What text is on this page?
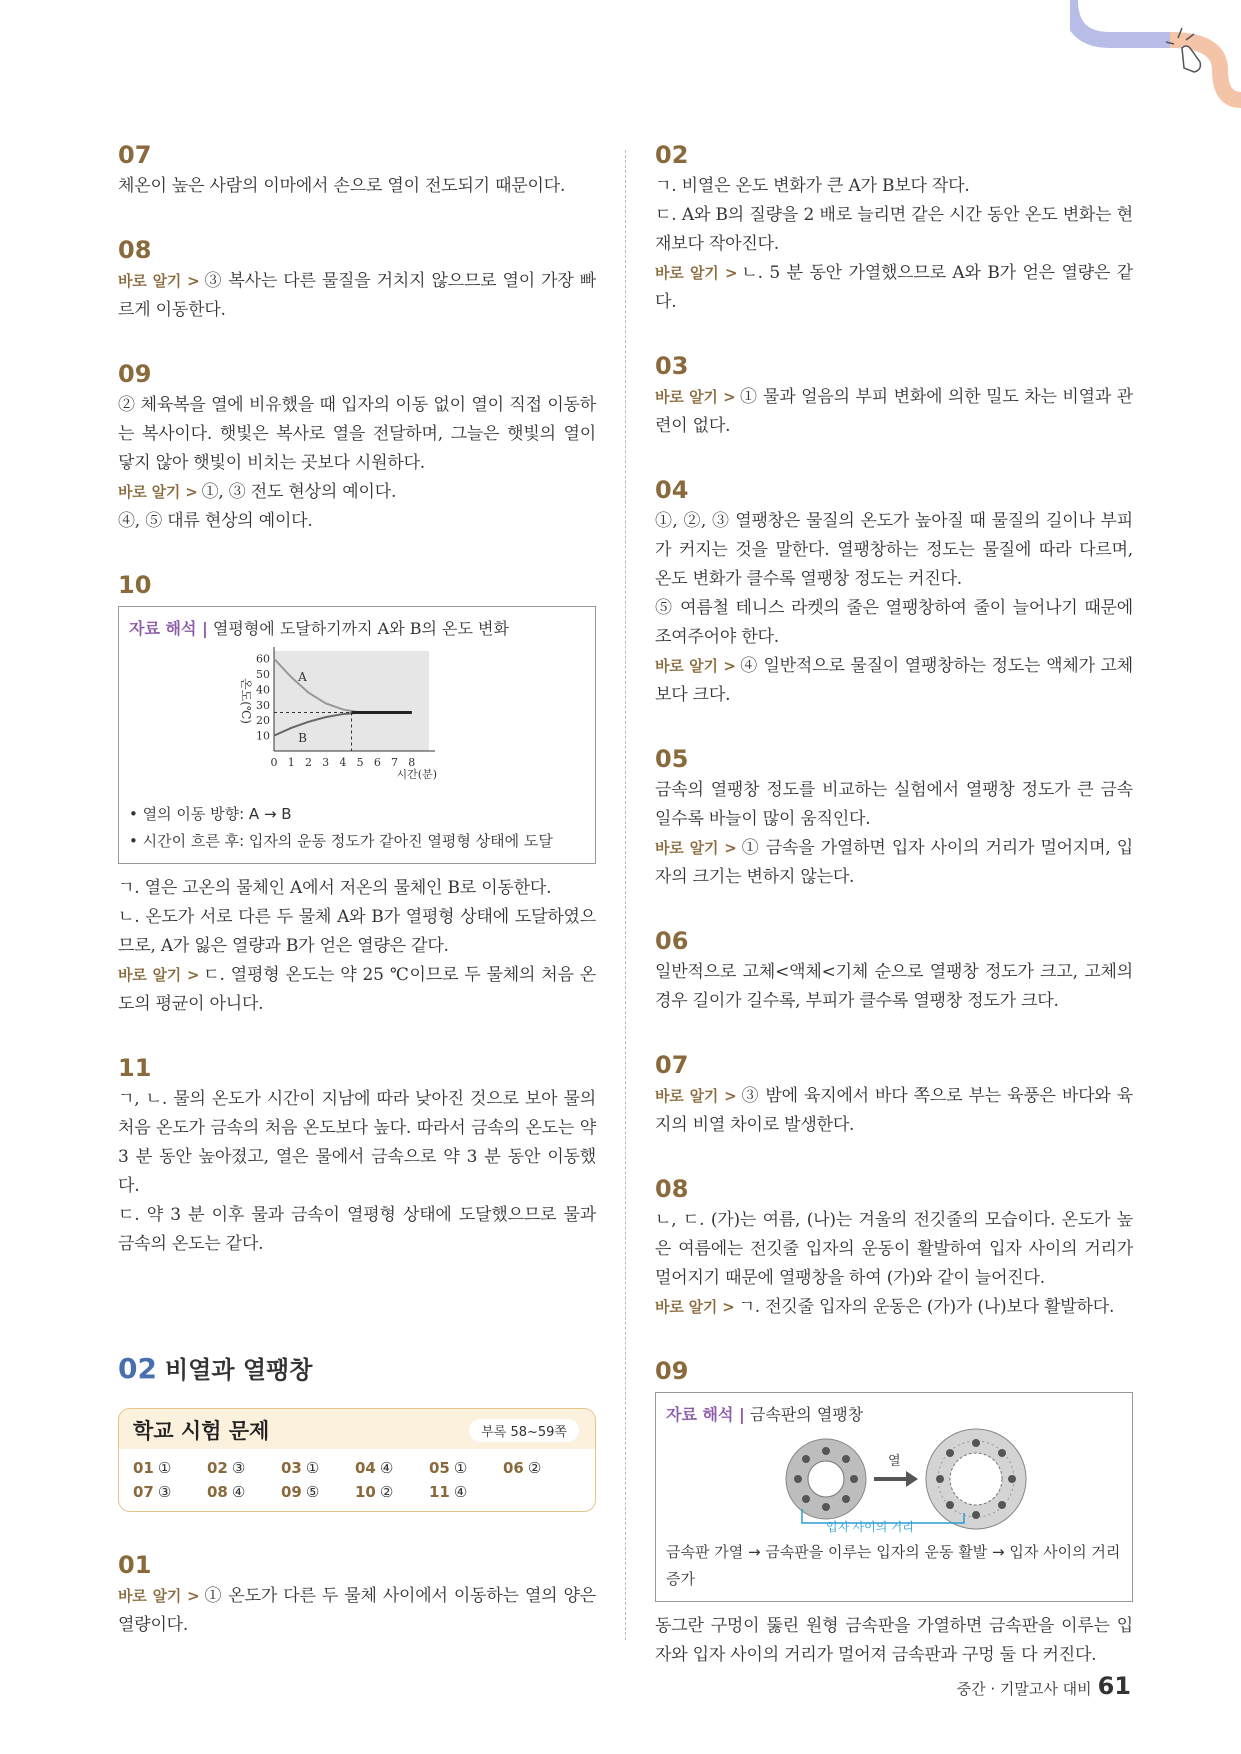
07

체온이 높은 사람의 이마에서 손으로 열이 전도되기 때문이다.

08

바로 알기 > ③ 복사는 다른 물질을 거치지 않으므로 열이 가장 빠르게 이동한다.

09

② 체육복을 열에 비유했을 때 입자의 이동 없이 열이 직접 이동하는 복사이다. 햇빛은 복사로 열을 전달하며, 그늘은 햇빛의 열이 닿지 않아 햇빛이 비치는 곳보다 시원하다.

바로 알기 > ①, ③ 전도 현상의 예이다.

④, ⑤ 대류 현상의 예이다.

10
자료 해석 | 열평형에 도달하기까지 A와 B의 온도 변화
0 1 2 3 4 5 6 7 8
10
20
30
40
50
60
온도(℃)
시간(분)
A
B
• 열의 이동 방향: A → B
• 시간이 흐른 후: 입자의 운동 정도가 같아진 열평형 상태에 도달

ㄱ. 열은 고온의 물체인 A에서 저온의 물체인 B로 이동한다.

ㄴ. 온도가 서로 다른 두 물체 A와 B가 열평형 상태에 도달하였으므로, A가 잃은 열량과 B가 얻은 열량은 같다.

바로 알기 > ㄷ. 열평형 온도는 약 25 ℃이므로 두 물체의 처음 온도의 평균이 아니다.

11

ㄱ, ㄴ. 물의 온도가 시간이 지남에 따라 낮아진 것으로 보아 물의 처음 온도가 금속의 처음 온도보다 높다. 따라서 금속의 온도는 약 3 분 동안 높아졌고, 열은 물에서 금속으로 약 3 분 동안 이동했다.

ㄷ. 약 3 분 이후 물과 금속이 열평형 상태에 도달했으므로 물과 금속의 온도는 같다.

02 비열과 열팽창
학교 시험 문제	부록 58~59쪽
01 ①	02 ③	03 ①	04 ④	05 ①	06 ②
07 ③	08 ④	09 ⑤	10 ②	11 ④
01

바로 알기 > ① 온도가 다른 두 물체 사이에서 이동하는 열의 양은 열량이다.

02

ㄱ. 비열은 온도 변화가 큰 A가 B보다 작다.

ㄷ. A와 B의 질량을 2 배로 늘리면 같은 시간 동안 온도 변화는 현재보다 작아진다.

바로 알기 > ㄴ. 5 분 동안 가열했으므로 A와 B가 얻은 열량은 같다.

03

바로 알기 > ① 물과 얼음의 부피 변화에 의한 밀도 차는 비열과 관련이 없다.

04

①, ②, ③ 열팽창은 물질의 온도가 높아질 때 물질의 길이나 부피가 커지는 것을 말한다. 열팽창하는 정도는 물질에 따라 다르며, 온도 변화가 클수록 열팽창 정도는 커진다.

⑤ 여름철 테니스 라켓의 줄은 열팽창하여 줄이 늘어나기 때문에 조여주어야 한다.

바로 알기 > ④ 일반적으로 물질이 열팽창하는 정도는 액체가 고체보다 크다.

05

금속의 열팽창 정도를 비교하는 실험에서 열팽창 정도가 큰 금속일수록 바늘이 많이 움직인다.

바로 알기 > ① 금속을 가열하면 입자 사이의 거리가 멀어지며, 입자의 크기는 변하지 않는다.

06

일반적으로 고체<액체<기체 순으로 열팽창 정도가 크고, 고체의 경우 길이가 길수록, 부피가 클수록 열팽창 정도가 크다.

07

바로 알기 > ③ 밤에 육지에서 바다 쪽으로 부는 육풍은 바다와 육지의 비열 차이로 발생한다.

08

ㄴ, ㄷ. (가)는 여름, (나)는 겨울의 전깃줄의 모습이다. 온도가 높은 여름에는 전깃줄 입자의 운동이 활발하여 입자 사이의 거리가 멀어지기 때문에 열팽창을 하여 (가)와 같이 늘어진다.

바로 알기 > ㄱ. 전깃줄 입자의 운동은 (가)가 (나)보다 활발하다.

09
자료 해석 | 금속판의 열팽창
열
입자 사이의 거리
금속판 가열 → 금속판을 이루는 입자의 운동 활발 → 입자 사이의 거리 증가

동그란 구멍이 뚫린 원형 금속판을 가열하면 금속판을 이루는 입자와 입자 사이의 거리가 멀어져 금속판과 구멍 둘 다 커진다.

중간 · 기말고사 대비 61
